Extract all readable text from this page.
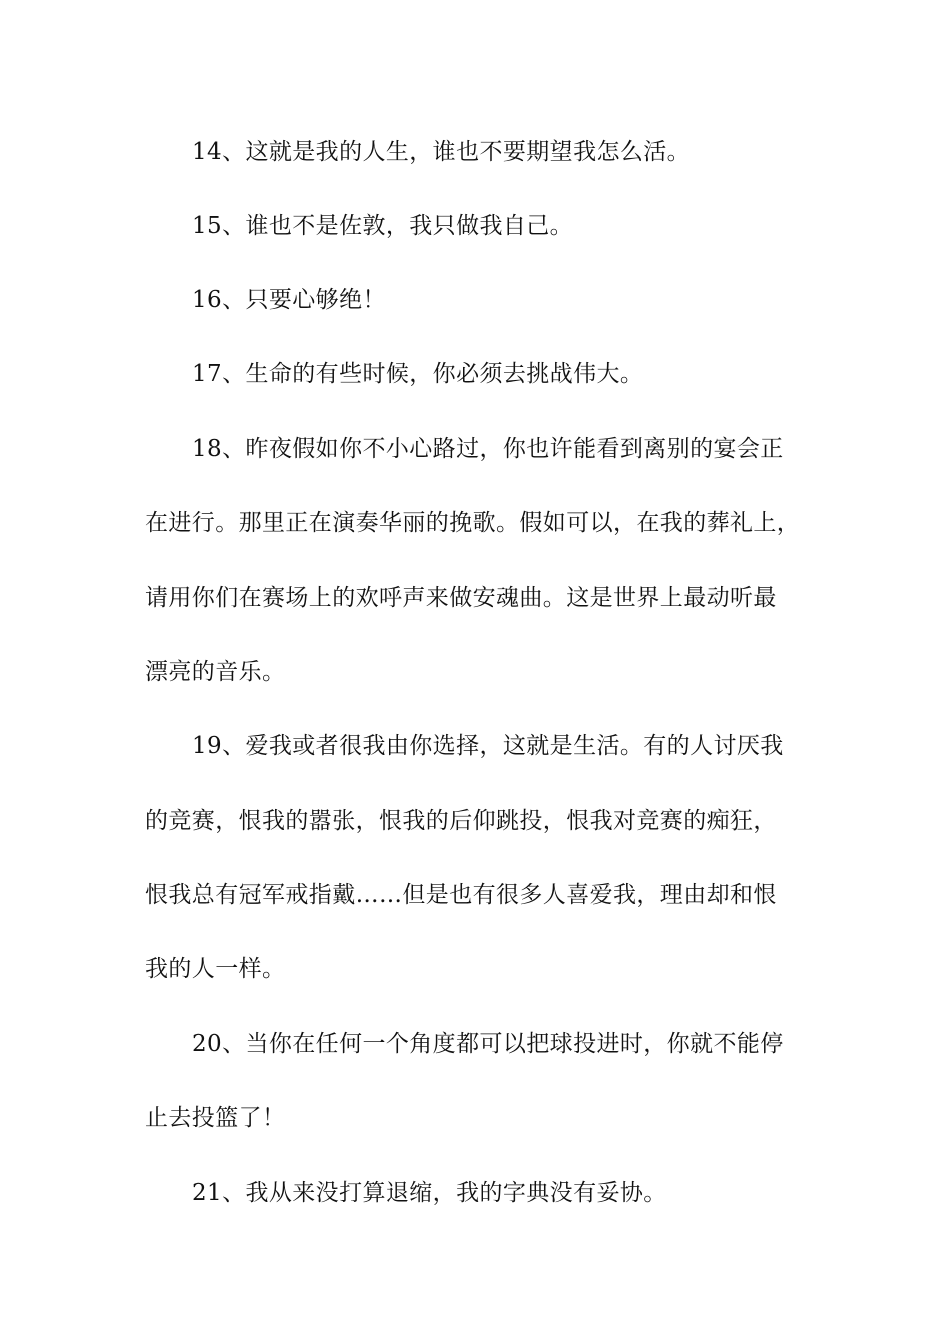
14、这就是我的人生，谁也不要期望我怎么活。
15、谁也不是佐敦，我只做我自己。
16、只要心够绝！
17、生命的有些时候，你必须去挑战伟大。
18、昨夜假如你不小心路过，你也许能看到离别的宴会正
在进行。那里正在演奏华丽的挽歌。假如可以，在我的葬礼上，
请用你们在赛场上的欢呼声来做安魂曲。这是世界上最动听最
漂亮的音乐。
19、爱我或者很我由你选择，这就是生活。有的人讨厌我
的竞赛，恨我的嚣张，恨我的后仰跳投，恨我对竞赛的痴狂，
恨我总有冠军戒指戴……但是也有很多人喜爱我，理由却和恨
我的人一样。
20、当你在任何一个角度都可以把球投进时，你就不能停
止去投篮了！
21、我从来没打算退缩，我的字典没有妥协。
